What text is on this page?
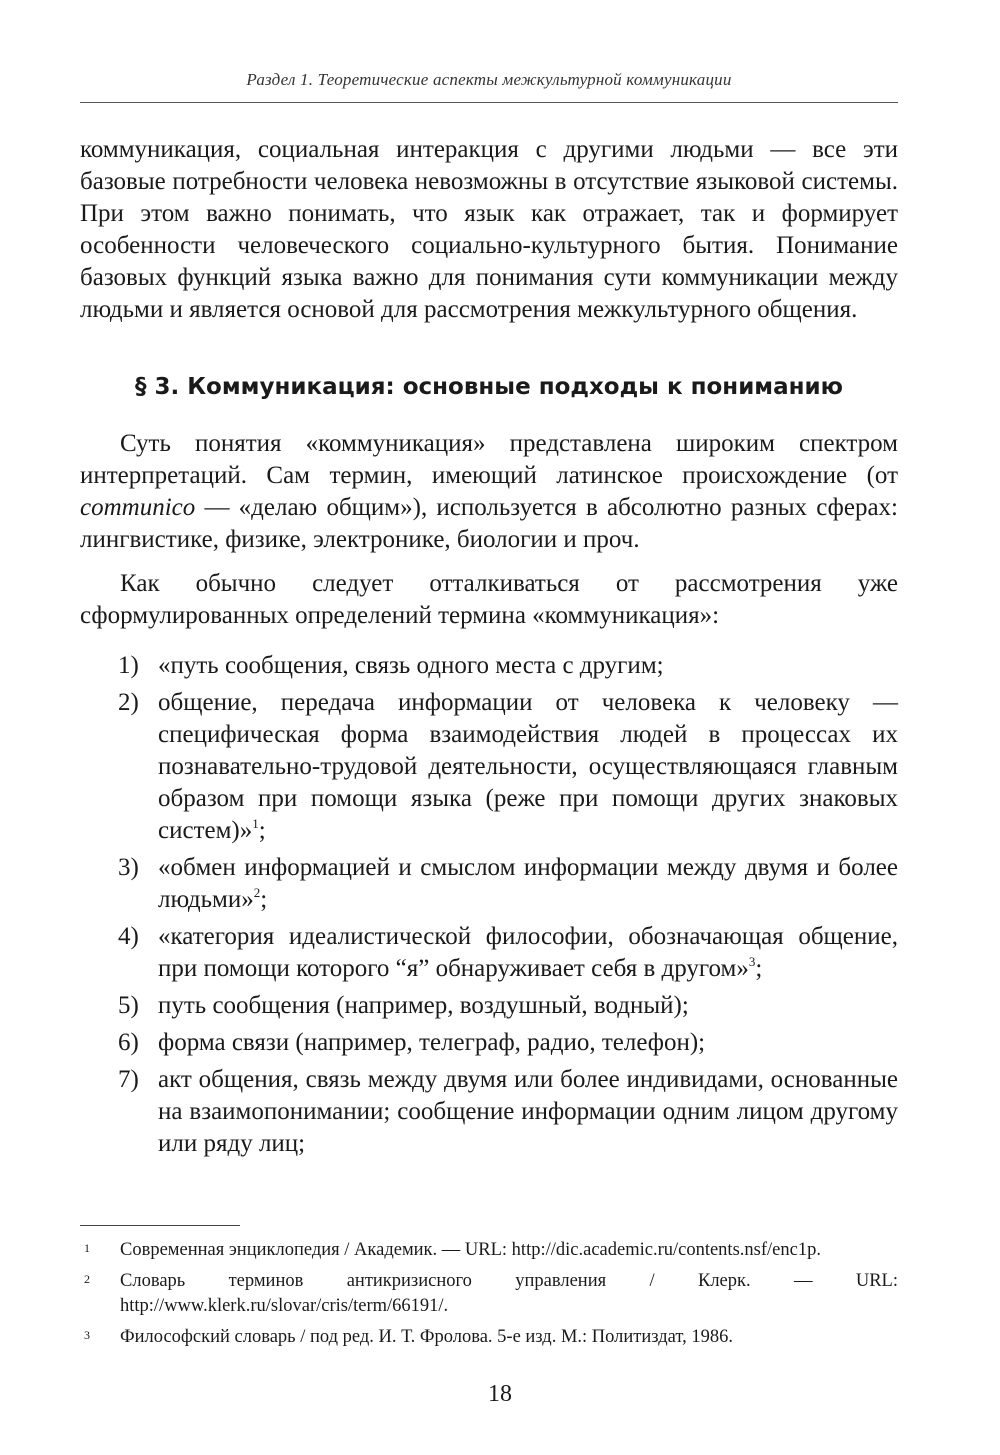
Раздел 1. Теоретические аспекты межкультурной коммуникации

коммуникация, социальная интеракция с другими людьми — все эти базовые потребности человека невозможны в отсутствие языковой системы. При этом важно понимать, что язык как отражает, так и формирует особенности человеческого социально-культурного бытия. Понимание базовых функций языка важно для понимания сути коммуникации между людьми и является основой для рассмотрения межкультурного общения.

§ 3. Коммуникация: основные подходы к пониманию

Суть понятия «коммуникация» представлена широким спектром интерпретаций. Сам термин, имеющий латинское происхождение (от communico — «делаю общим»), используется в абсолютно разных сферах: лингвистике, физике, электронике, биологии и проч.

Как обычно следует отталкиваться от рассмотрения уже сформулированных определений термина «коммуникация»:

1) «путь сообщения, связь одного места с другим;
2) общение, передача информации от человека к человеку — специфическая форма взаимодействия людей в процессах их познавательно-трудовой деятельности, осуществляющаяся главным образом при помощи языка (реже при помощи других знаковых систем)»$^1$;
3) «обмен информацией и смыслом информации между двумя и более людьми»$^2$;
4) «категория идеалистической философии, обозначающая общение, при помощи которого “я” обнаруживает себя в другом»$^3$;
5) путь сообщения (например, воздушный, водный);
6) форма связи (например, телеграф, радио, телефон);
7) акт общения, связь между двумя или более индивидами, основанные на взаимопонимании; сообщение информации одним лицом другому или ряду лиц;
1 Современная энциклопедия / Академик. — URL: http://dic.academic.ru/contents.nsf/enc1p.
2 Словарь терминов антикризисного управления / Клерк. — URL: http://www.klerk.ru/slovar/cris/term/66191/.
3 Философский словарь / под ред. И. Т. Фролова. 5-е изд. М.: Политиздат, 1986.
18
